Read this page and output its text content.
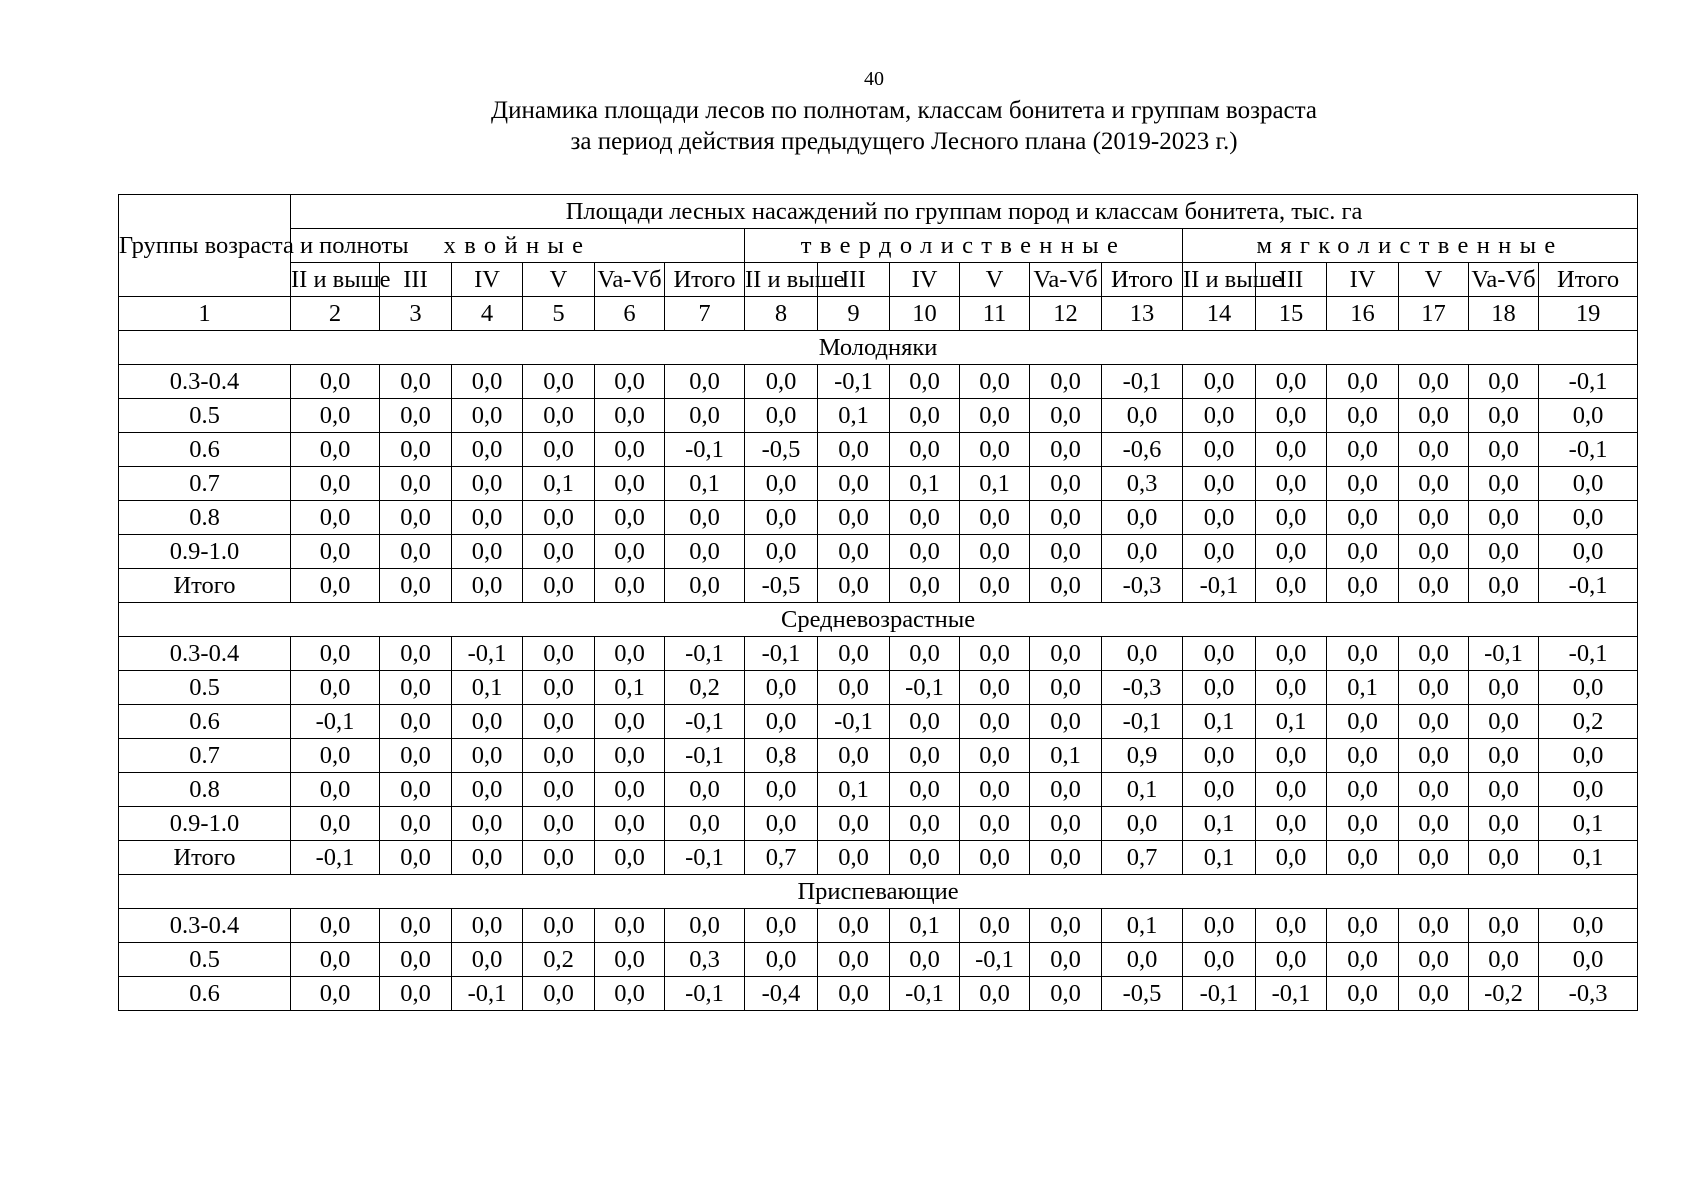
40
Динамика площади лесов по полнотам, классам бонитета и группам возраста
за период действия предыдущего Лесного плана (2019-2023 г.)
Группы возраста и полноты	Площади лесных насаждений по группам пород и классам бонитета, тыс. га																	
	хвойные						твердолиственные						мягколиственные					
	II и выше	III	IV	V	Va-Vб	Итого	II и выше	III	IV	V	Va-Vб	Итого	II и выше	III	IV	V	Va-Vб	Итого
1	2	3	4	5	6	7	8	9	10	11	12	13	14	15	16	17	18	19
Молодняки																		
0.3-0.4	0,0	0,0	0,0	0,0	0,0	0,0	0,0	-0,1	0,0	0,0	0,0	-0,1	0,0	0,0	0,0	0,0	0,0	-0,1
0.5	0,0	0,0	0,0	0,0	0,0	0,0	0,0	0,1	0,0	0,0	0,0	0,0	0,0	0,0	0,0	0,0	0,0	0,0
0.6	0,0	0,0	0,0	0,0	0,0	-0,1	-0,5	0,0	0,0	0,0	0,0	-0,6	0,0	0,0	0,0	0,0	0,0	-0,1
0.7	0,0	0,0	0,0	0,1	0,0	0,1	0,0	0,0	0,1	0,1	0,0	0,3	0,0	0,0	0,0	0,0	0,0	0,0
0.8	0,0	0,0	0,0	0,0	0,0	0,0	0,0	0,0	0,0	0,0	0,0	0,0	0,0	0,0	0,0	0,0	0,0	0,0
0.9-1.0	0,0	0,0	0,0	0,0	0,0	0,0	0,0	0,0	0,0	0,0	0,0	0,0	0,0	0,0	0,0	0,0	0,0	0,0
Итого	0,0	0,0	0,0	0,0	0,0	0,0	-0,5	0,0	0,0	0,0	0,0	-0,3	-0,1	0,0	0,0	0,0	0,0	-0,1
Средневозрастные																		
0.3-0.4	0,0	0,0	-0,1	0,0	0,0	-0,1	-0,1	0,0	0,0	0,0	0,0	0,0	0,0	0,0	0,0	0,0	-0,1	-0,1
0.5	0,0	0,0	0,1	0,0	0,1	0,2	0,0	0,0	-0,1	0,0	0,0	-0,3	0,0	0,0	0,1	0,0	0,0	0,0
0.6	-0,1	0,0	0,0	0,0	0,0	-0,1	0,0	-0,1	0,0	0,0	0,0	-0,1	0,1	0,1	0,0	0,0	0,0	0,2
0.7	0,0	0,0	0,0	0,0	0,0	-0,1	0,8	0,0	0,0	0,0	0,1	0,9	0,0	0,0	0,0	0,0	0,0	0,0
0.8	0,0	0,0	0,0	0,0	0,0	0,0	0,0	0,1	0,0	0,0	0,0	0,1	0,0	0,0	0,0	0,0	0,0	0,0
0.9-1.0	0,0	0,0	0,0	0,0	0,0	0,0	0,0	0,0	0,0	0,0	0,0	0,0	0,1	0,0	0,0	0,0	0,0	0,1
Итого	-0,1	0,0	0,0	0,0	0,0	-0,1	0,7	0,0	0,0	0,0	0,0	0,7	0,1	0,0	0,0	0,0	0,0	0,1
Приспевающие																		
0.3-0.4	0,0	0,0	0,0	0,0	0,0	0,0	0,0	0,0	0,1	0,0	0,0	0,1	0,0	0,0	0,0	0,0	0,0	0,0
0.5	0,0	0,0	0,0	0,2	0,0	0,3	0,0	0,0	0,0	-0,1	0,0	0,0	0,0	0,0	0,0	0,0	0,0	0,0
0.6	0,0	0,0	-0,1	0,0	0,0	-0,1	-0,4	0,0	-0,1	0,0	0,0	-0,5	-0,1	-0,1	0,0	0,0	-0,2	-0,3
